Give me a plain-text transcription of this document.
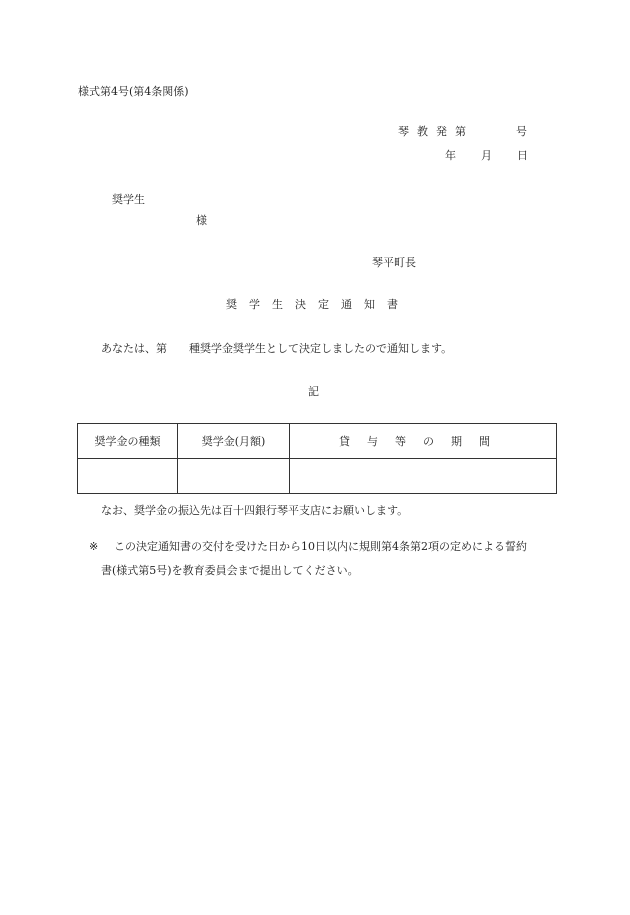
様式第4号(第4条関係)
琴教発第	号
年 月 日
奨学生
様
琴平町長
奨学生決定通知書
あなたは、第 種奨学金奨学生として決定しましたので通知します。
記
奨学金の種類	奨学金(月額)	貸与等の期間

なお、奨学金の振込先は百十四銀行琴平支店にお願いします。
※ この決定通知書の交付を受けた日から10日以内に規則第4条第2項の定めによる誓約
書(様式第5号)を教育委員会まで提出してください。
